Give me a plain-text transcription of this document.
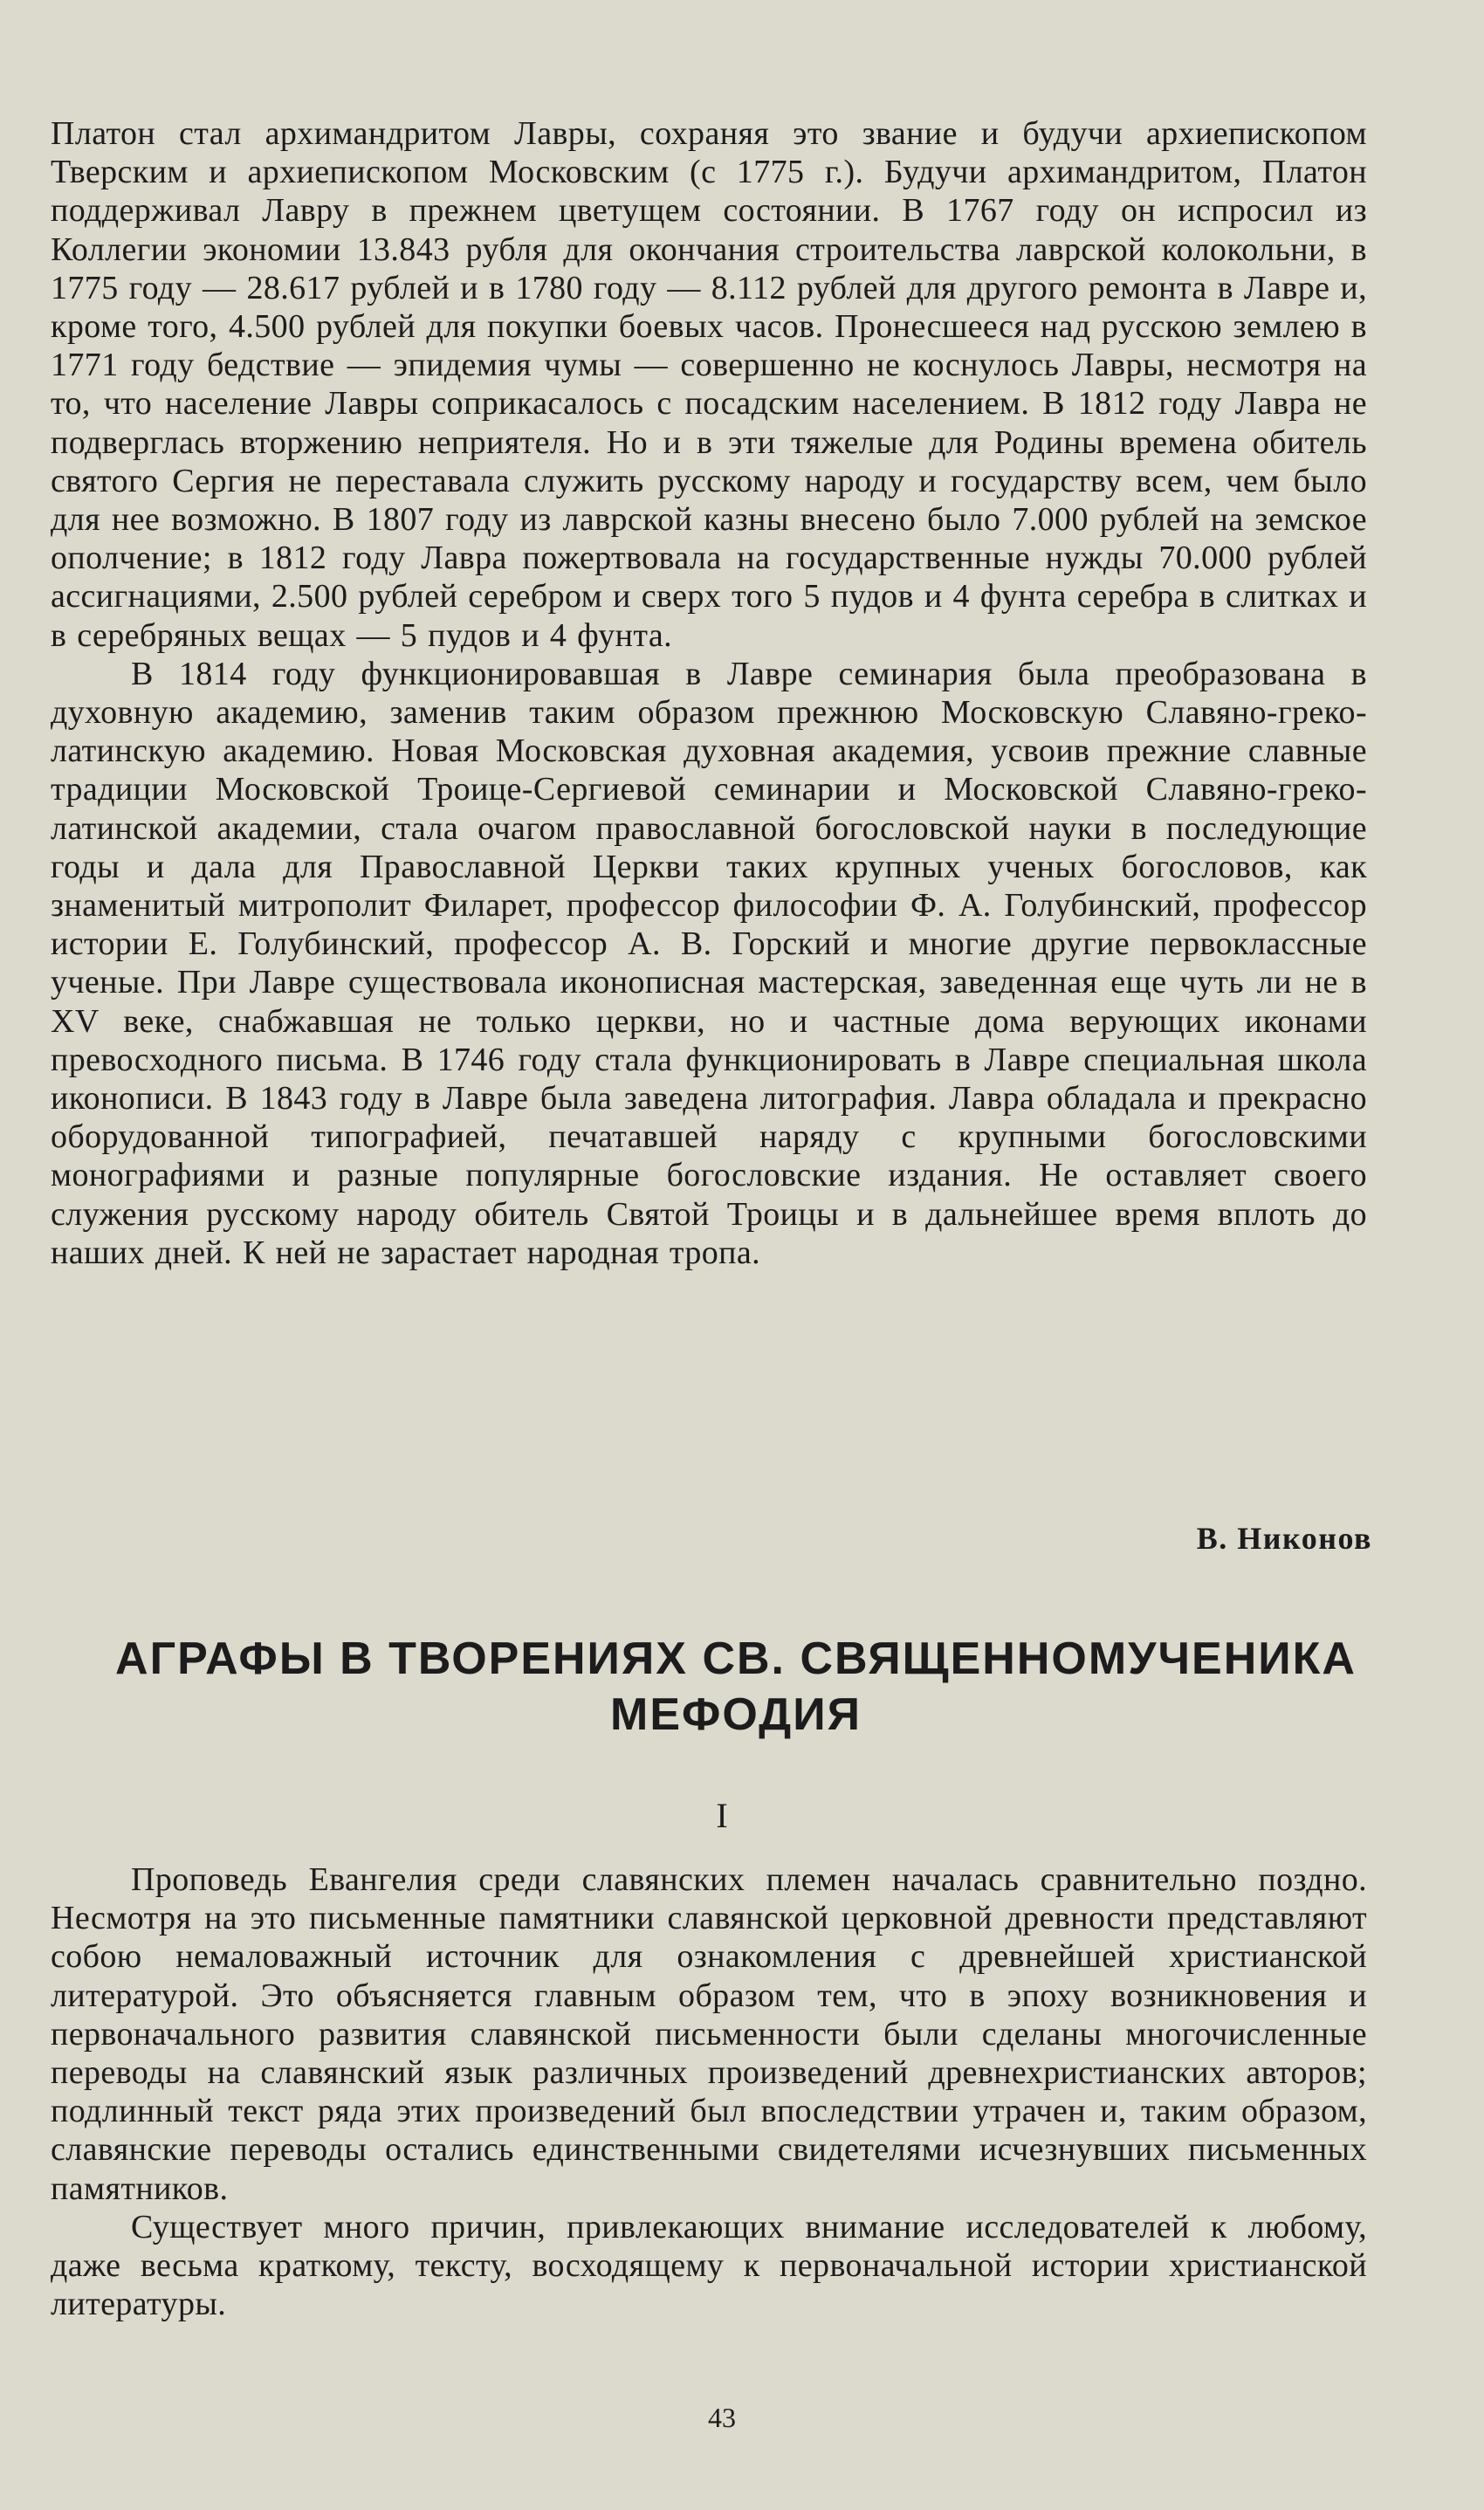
Платон стал архимандритом Лавры, сохраняя это звание и будучи архиепископом Тверским и архиепископом Московским (с 1775 г.). Будучи архимандритом, Платон поддерживал Лавру в прежнем цветущем состоянии. В 1767 году он испросил из Коллегии экономии 13.843 рубля для окончания строительства лаврской колокольни, в 1775 году — 28.617 рублей и в 1780 году — 8.112 рублей для другого ремонта в Лавре и, кроме того, 4.500 рублей для покупки боевых часов. Пронесшееся над русскою землею в 1771 году бедствие — эпидемия чумы — совершенно не коснулось Лавры, несмотря на то, что население Лавры соприкасалось с посадским населением. В 1812 году Лавра не подверглась вторжению неприятеля. Но и в эти тяжелые для Родины времена обитель святого Сергия не переставала служить русскому народу и государству всем, чем было для нее возможно. В 1807 году из лаврской казны внесено было 7.000 рублей на земское ополчение; в 1812 году Лавра пожертвовала на государственные нужды 70.000 рублей ассигнациями, 2.500 рублей серебром и сверх того 5 пудов и 4 фунта серебра в слитках и в серебряных вещах — 5 пудов и 4 фунта.

В 1814 году функционировавшая в Лавре семинария была преобразована в духовную академию, заменив таким образом прежнюю Московскую Славяно-греко-латинскую академию. Новая Московская духовная академия, усвоив прежние славные традиции Московской Троице-Сергиевой семинарии и Московской Славяно-греко-латинской академии, стала очагом православной богословской науки в последующие годы и дала для Православной Церкви таких крупных ученых богословов, как знаменитый митрополит Филарет, профессор философии Ф. А. Голубинский, профессор истории Е. Голубинский, профессор А. В. Горский и многие другие первоклассные ученые. При Лавре существовала иконописная мастерская, заведенная еще чуть ли не в XV веке, снабжавшая не только церкви, но и частные дома верующих иконами превосходного письма. В 1746 году стала функционировать в Лавре специальная школа иконописи. В 1843 году в Лавре была заведена литография. Лавра обладала и прекрасно оборудованной типографией, печатавшей наряду с крупными богословскими монографиями и разные популярные богословские издания. Не оставляет своего служения русскому народу обитель Святой Троицы и в дальнейшее время вплоть до наших дней. К ней не зарастает народная тропа.

В. Никонов

АГРАФЫ В ТВОРЕНИЯХ СВ. СВЯЩЕННОМУЧЕНИКА МЕФОДИЯ

I

Проповедь Евангелия среди славянских племен началась сравнительно поздно. Несмотря на это письменные памятники славянской церковной древности представляют собою немаловажный источник для ознакомления с древнейшей христианской литературой. Это объясняется главным образом тем, что в эпоху возникновения и первоначального развития славянской письменности были сделаны многочисленные переводы на славянский язык различных произведений древнехристианских авторов; подлинный текст ряда этих произведений был впоследствии утрачен и, таким образом, славянские переводы остались единственными свидетелями исчезнувших письменных памятников.

Существует много причин, привлекающих внимание исследователей к любому, даже весьма краткому, тексту, восходящему к первоначальной истории христианской литературы.

43
